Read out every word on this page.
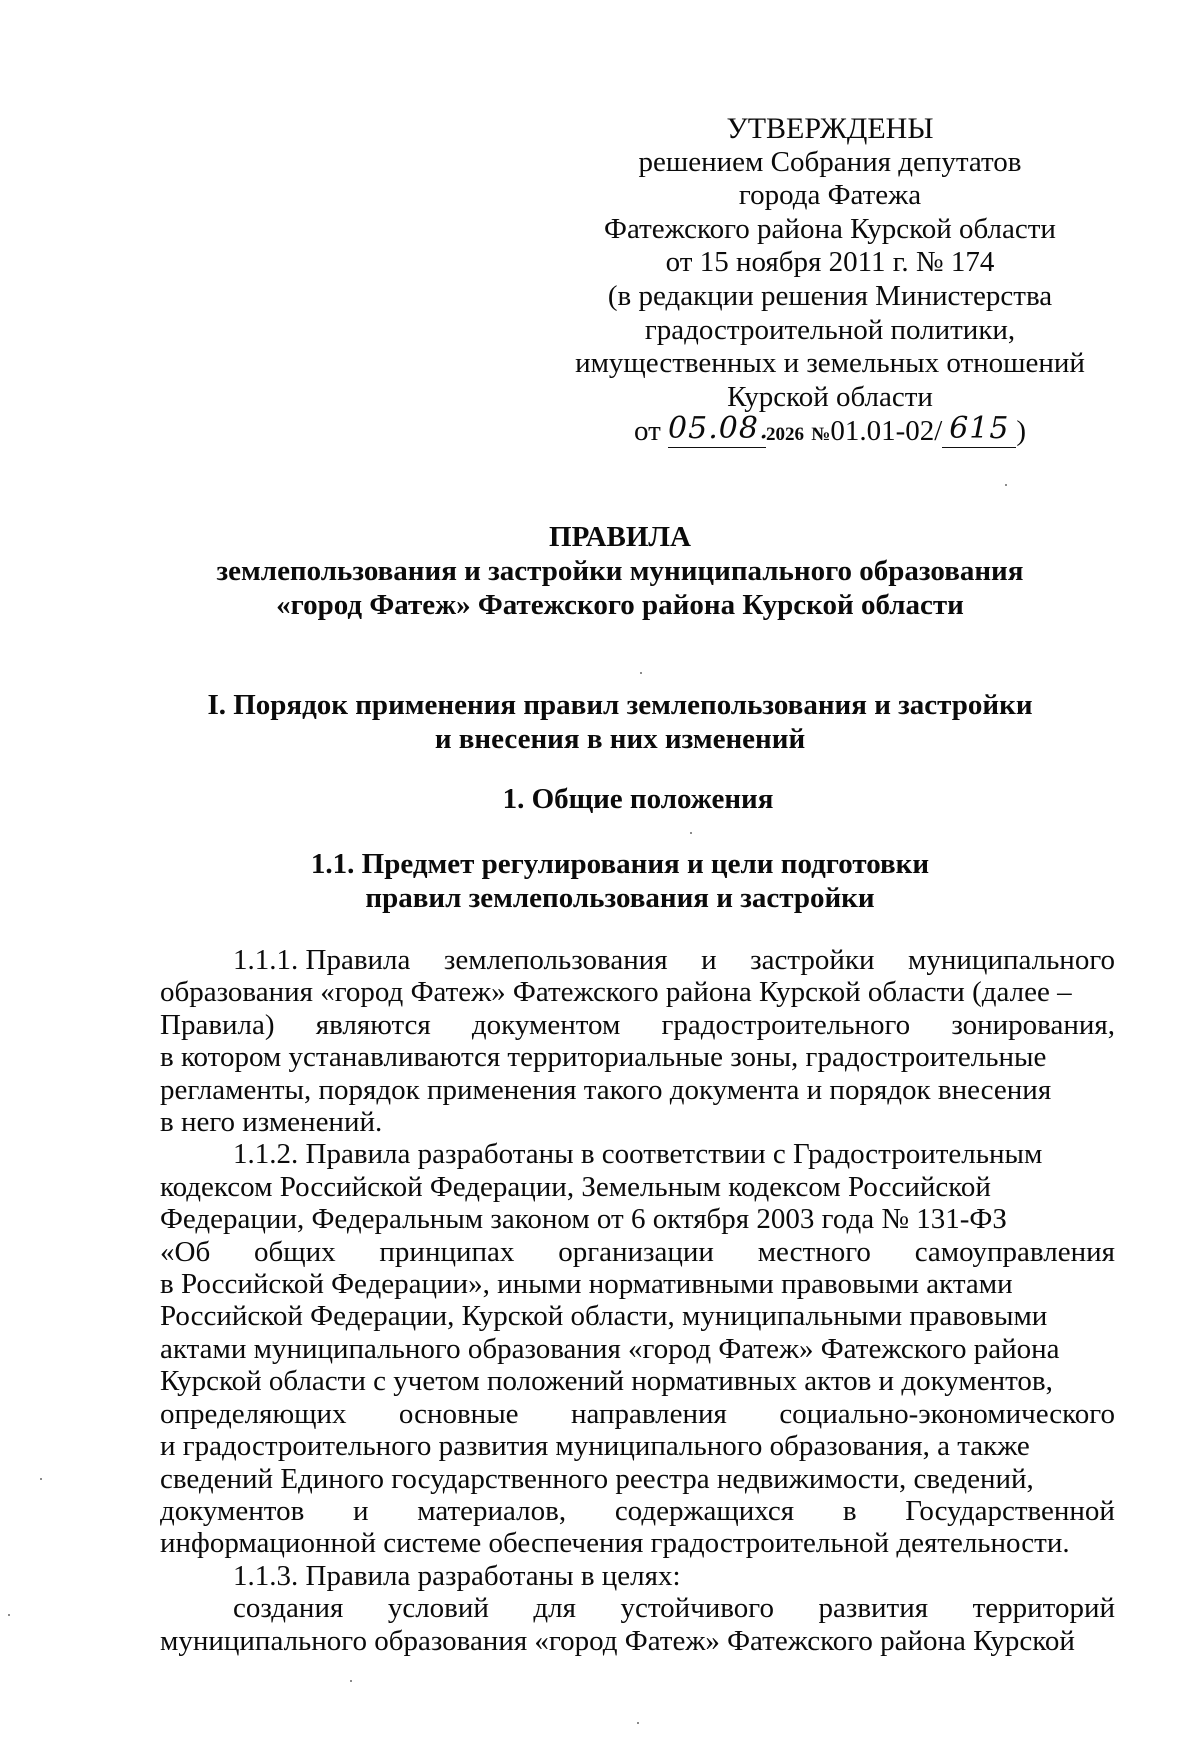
УТВЕРЖДЕНЫ
решением Собрания депутатов
города Фатежа
Фатежского района Курской области
от 15 ноября 2011 г. № 174
(в редакции решения Министерства
градостроительной политики,
имущественных и земельных отношений
Курской области
от 05.08.2026 №01.01-02/ 615 )
ПРАВИЛА
землепользования и застройки муниципального образования
«город Фатеж» Фатежского района Курской области
I. Порядок применения правил землепользования и застройки
и внесения в них изменений
1. Общие положения
1.1. Предмет регулирования и цели подготовки
правил землепользования и застройки
1.1.1. Правила землепользования и застройки муниципального
образования «город Фатеж» Фатежского района Курской области (далее –
Правила) являются документом градостроительного зонирования,
в котором устанавливаются территориальные зоны, градостроительные
регламенты, порядок применения такого документа и порядок внесения
в него изменений.
1.1.2. Правила разработаны в соответствии с Градостроительным
кодексом Российской Федерации, Земельным кодексом Российской
Федерации, Федеральным законом от 6 октября 2003 года № 131-ФЗ
«Об общих принципах организации местного самоуправления
в Российской Федерации», иными нормативными правовыми актами
Российской Федерации, Курской области, муниципальными правовыми
актами муниципального образования «город Фатеж» Фатежского района
Курской области с учетом положений нормативных актов и документов,
определяющих основные направления социально-экономического
и градостроительного развития муниципального образования, а также
сведений Единого государственного реестра недвижимости, сведений,
документов и материалов, содержащихся в Государственной
информационной системе обеспечения градостроительной деятельности.
1.1.3. Правила разработаны в целях:
создания условий для устойчивого развития территорий
муниципального образования «город Фатеж» Фатежского района Курской
